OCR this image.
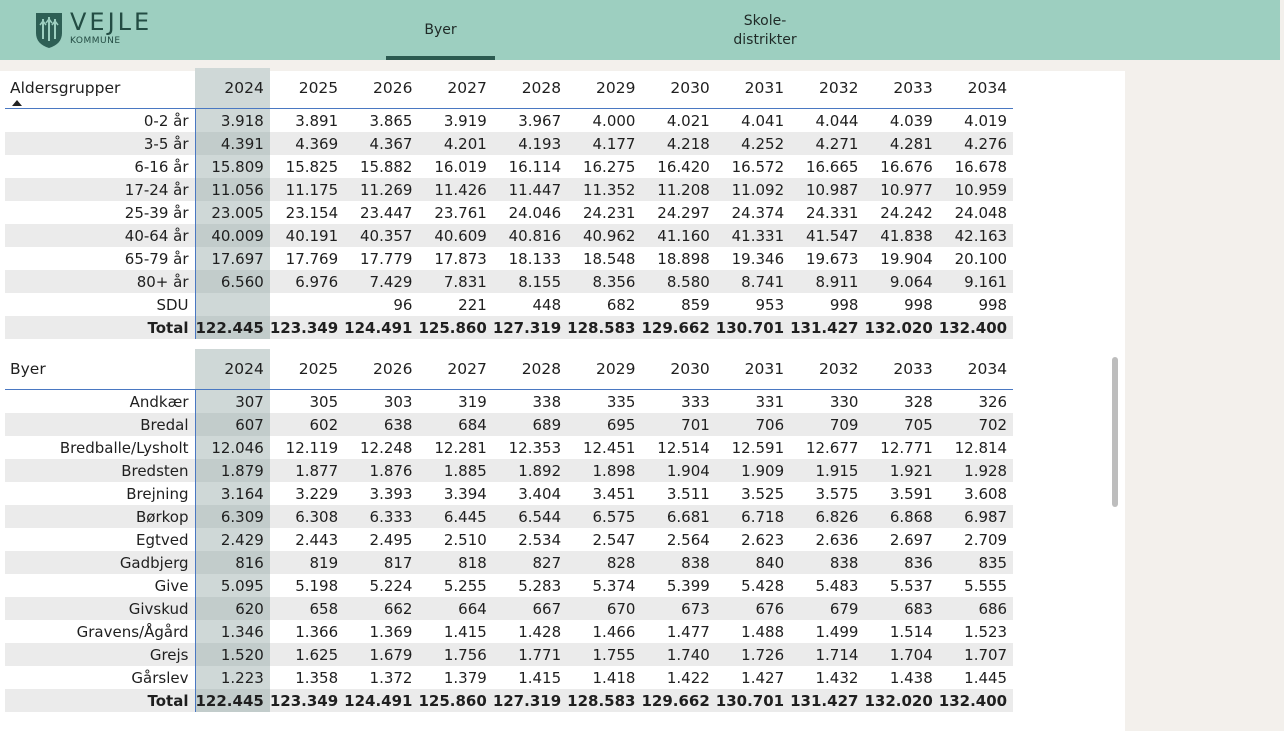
VEJLE
KOMMUNE
Byer
Skole-
distrikter
Aldersgrupper	2024	2025	2026	2027	2028	2029	2030	2031	2032	2033	2034
0-2 år	3.918	3.891	3.865	3.919	3.967	4.000	4.021	4.041	4.044	4.039	4.019
3-5 år	4.391	4.369	4.367	4.201	4.193	4.177	4.218	4.252	4.271	4.281	4.276
6-16 år	15.809	15.825	15.882	16.019	16.114	16.275	16.420	16.572	16.665	16.676	16.678
17-24 år	11.056	11.175	11.269	11.426	11.447	11.352	11.208	11.092	10.987	10.977	10.959
25-39 år	23.005	23.154	23.447	23.761	24.046	24.231	24.297	24.374	24.331	24.242	24.048
40-64 år	40.009	40.191	40.357	40.609	40.816	40.962	41.160	41.331	41.547	41.838	42.163
65-79 år	17.697	17.769	17.779	17.873	18.133	18.548	18.898	19.346	19.673	19.904	20.100
80+ år	6.560	6.976	7.429	7.831	8.155	8.356	8.580	8.741	8.911	9.064	9.161
SDU			96	221	448	682	859	953	998	998	998
Total	122.445	123.349	124.491	125.860	127.319	128.583	129.662	130.701	131.427	132.020	132.400
Byer	2024	2025	2026	2027	2028	2029	2030	2031	2032	2033	2034
Andkær	307	305	303	319	338	335	333	331	330	328	326
Bredal	607	602	638	684	689	695	701	706	709	705	702
Bredballe/Lysholt	12.046	12.119	12.248	12.281	12.353	12.451	12.514	12.591	12.677	12.771	12.814
Bredsten	1.879	1.877	1.876	1.885	1.892	1.898	1.904	1.909	1.915	1.921	1.928
Brejning	3.164	3.229	3.393	3.394	3.404	3.451	3.511	3.525	3.575	3.591	3.608
Børkop	6.309	6.308	6.333	6.445	6.544	6.575	6.681	6.718	6.826	6.868	6.987
Egtved	2.429	2.443	2.495	2.510	2.534	2.547	2.564	2.623	2.636	2.697	2.709
Gadbjerg	816	819	817	818	827	828	838	840	838	836	835
Give	5.095	5.198	5.224	5.255	5.283	5.374	5.399	5.428	5.483	5.537	5.555
Givskud	620	658	662	664	667	670	673	676	679	683	686
Gravens/Ågård	1.346	1.366	1.369	1.415	1.428	1.466	1.477	1.488	1.499	1.514	1.523
Grejs	1.520	1.625	1.679	1.756	1.771	1.755	1.740	1.726	1.714	1.704	1.707
Gårslev	1.223	1.358	1.372	1.379	1.415	1.418	1.422	1.427	1.432	1.438	1.445
Total	122.445	123.349	124.491	125.860	127.319	128.583	129.662	130.701	131.427	132.020	132.400
